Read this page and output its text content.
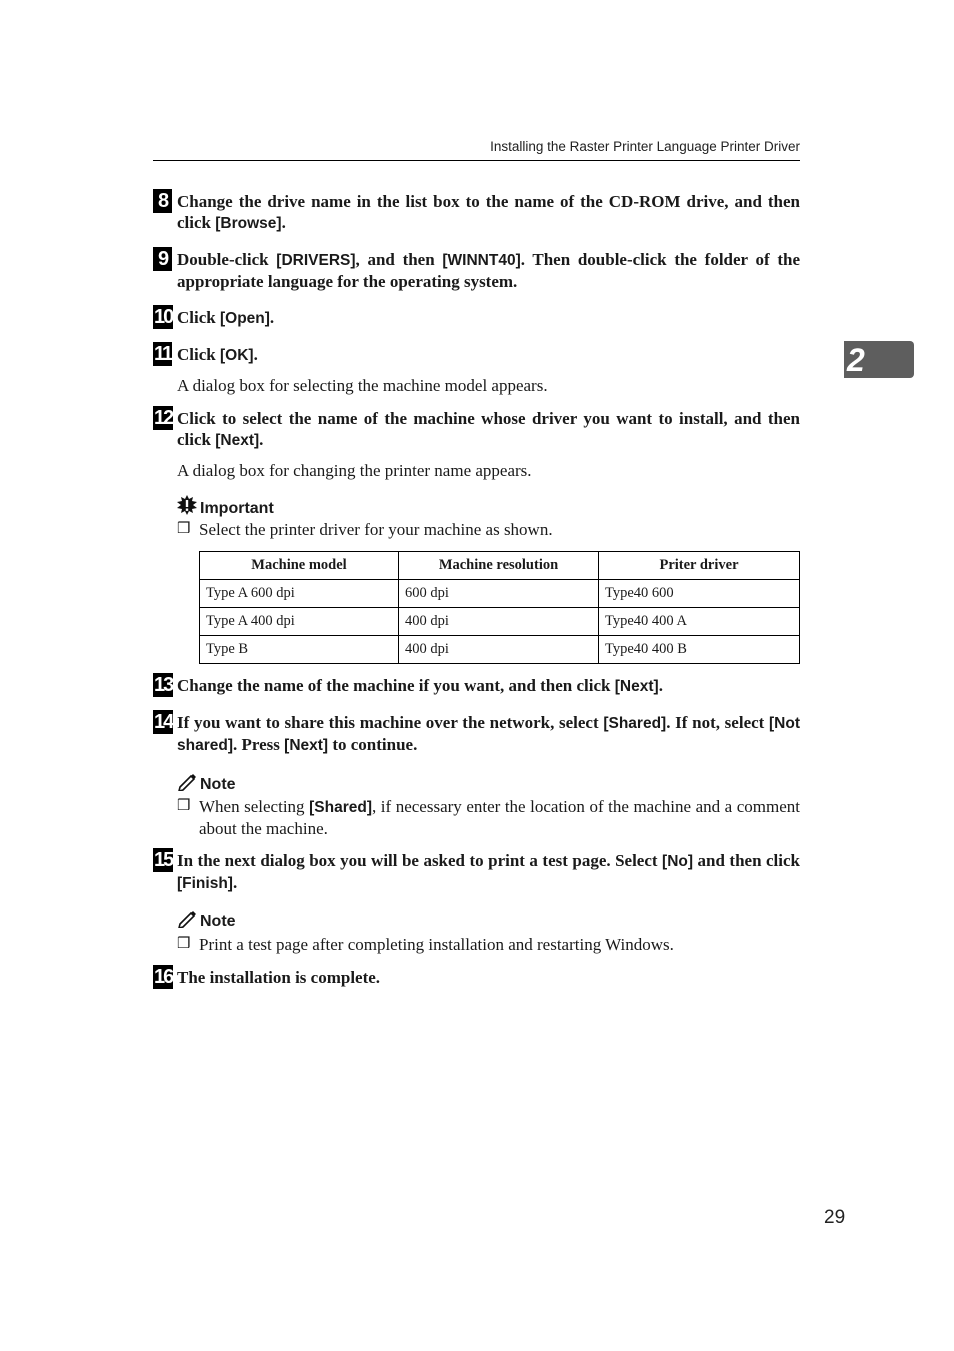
Installing the Raster Printer Language Printer Driver
2
8 Change the drive name in the list box to the name of the CD-ROM drive, and then click [Browse].
9 Double-click [DRIVERS], and then [WINNT40]. Then double-click the folder of the appropriate language for the operating system.
10 Click [Open].
11 Click [OK].
A dialog box for selecting the machine model appears.
12 Click to select the name of the machine whose driver you want to install, and then click [Next].
A dialog box for changing the printer name appears.
Important
❒ Select the printer driver for your machine as shown.
Machine model	Machine resolution	Priter driver
Type A 600 dpi	600 dpi	Type40 600
Type A 400 dpi	400 dpi	Type40 400 A
Type B	400 dpi	Type40 400 B
13 Change the name of the machine if you want, and then click [Next].
14 If you want to share this machine over the network, select [Shared]. If not, select [Not shared]. Press [Next] to continue.
Note
❒ When selecting [Shared], if necessary enter the location of the machine and a comment about the machine.
15 In the next dialog box you will be asked to print a test page. Select [No] and then click [Finish].
Note
❒ Print a test page after completing installation and restarting Windows.
16 The installation is complete.
29
